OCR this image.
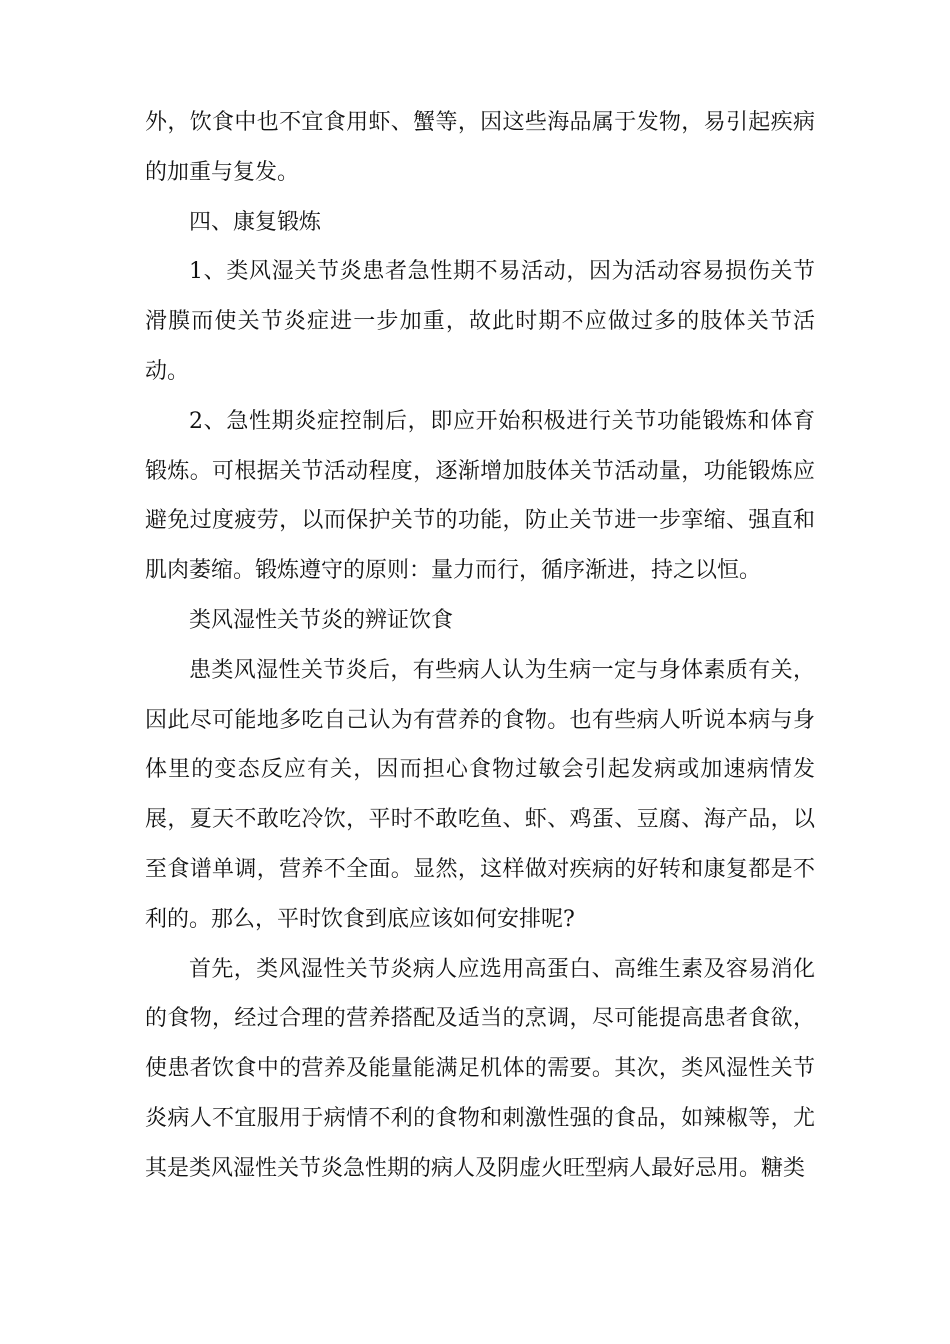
外，饮食中也不宜食用虾、蟹等，因这些海品属于发物，易引起疾病的加重与复发。

四、康复锻炼

1、类风湿关节炎患者急性期不易活动，因为活动容易损伤关节滑膜而使关节炎症进一步加重，故此时期不应做过多的肢体关节活动。

2、急性期炎症控制后，即应开始积极进行关节功能锻炼和体育锻炼。可根据关节活动程度，逐渐增加肢体关节活动量，功能锻炼应避免过度疲劳，以而保护关节的功能，防止关节进一步挛缩、强直和肌肉萎缩。锻炼遵守的原则：量力而行，循序渐进，持之以恒。

类风湿性关节炎的辨证饮食

患类风湿性关节炎后，有些病人认为生病一定与身体素质有关，因此尽可能地多吃自己认为有营养的食物。也有些病人听说本病与身体里的变态反应有关，因而担心食物过敏会引起发病或加速病情发展，夏天不敢吃冷饮，平时不敢吃鱼、虾、鸡蛋、豆腐、海产品，以至食谱单调，营养不全面。显然，这样做对疾病的好转和康复都是不利的。那么，平时饮食到底应该如何安排呢?

首先，类风湿性关节炎病人应选用高蛋白、高维生素及容易消化的食物，经过合理的营养搭配及适当的烹调，尽可能提高患者食欲，使患者饮食中的营养及能量能满足机体的需要。其次，类风湿性关节炎病人不宜服用于病情不利的食物和刺激性强的食品，如辣椒等，尤其是类风湿性关节炎急性期的病人及阴虚火旺型病人最好忌用。糖类
